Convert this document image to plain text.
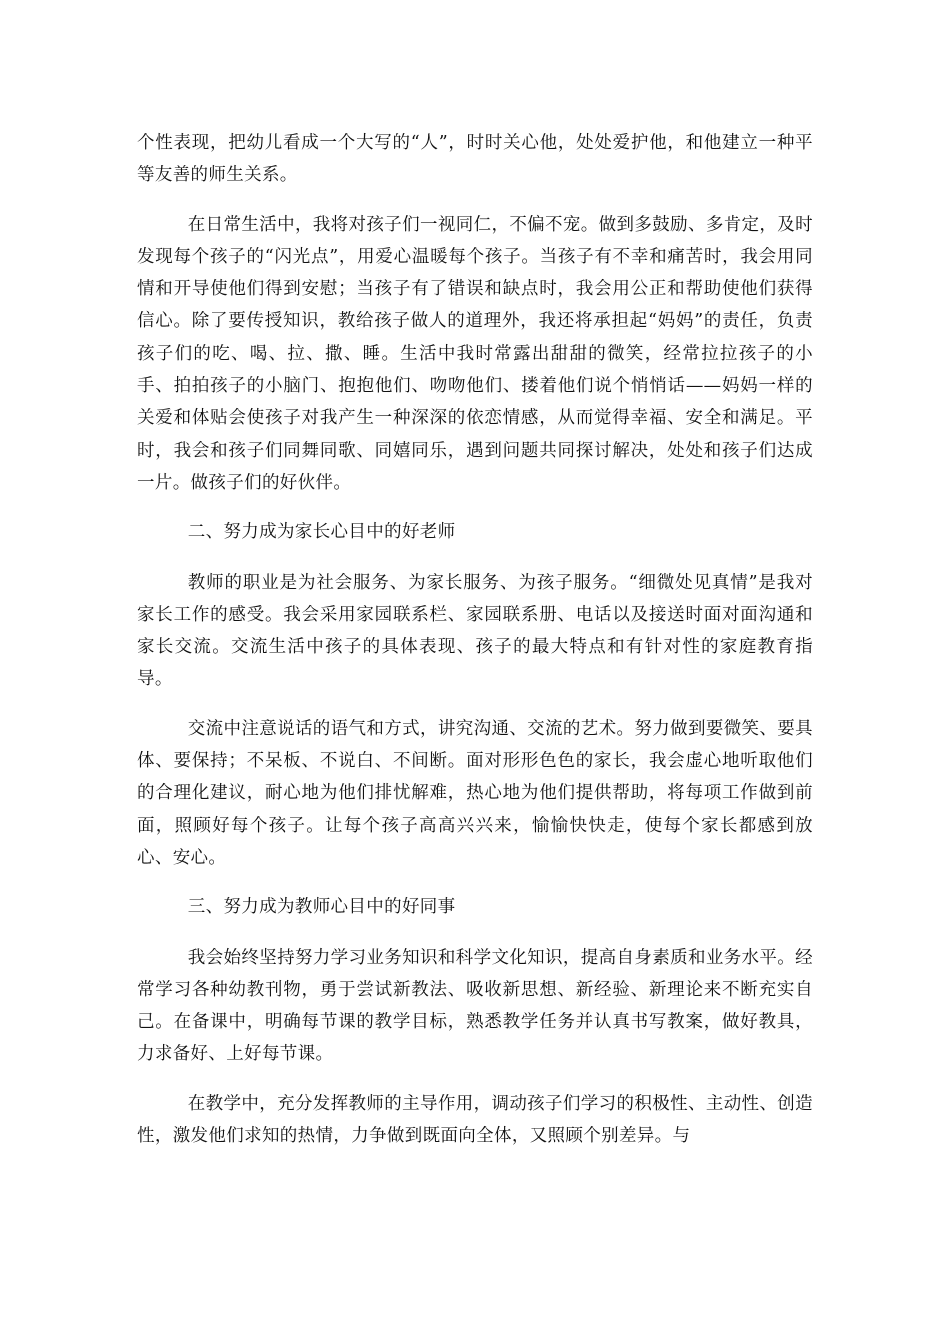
个性表现，把幼儿看成一个大写的“人”，时时关心他，处处爱护他，和他建立一种平等友善的师生关系。

在日常生活中，我将对孩子们一视同仁，不偏不宠。做到多鼓励、多肯定，及时发现每个孩子的“闪光点”，用爱心温暖每个孩子。当孩子有不幸和痛苦时，我会用同情和开导使他们得到安慰；当孩子有了错误和缺点时，我会用公正和帮助使他们获得信心。除了要传授知识，教给孩子做人的道理外，我还将承担起“妈妈”的责任，负责孩子们的吃、喝、拉、撒、睡。生活中我时常露出甜甜的微笑，经常拉拉孩子的小手、拍拍孩子的小脑门、抱抱他们、吻吻他们、搂着他们说个悄悄话——妈妈一样的关爱和体贴会使孩子对我产生一种深深的依恋情感，从而觉得幸福、安全和满足。平时，我会和孩子们同舞同歌、同嬉同乐，遇到问题共同探讨解决，处处和孩子们达成一片。做孩子们的好伙伴。

二、努力成为家长心目中的好老师

教师的职业是为社会服务、为家长服务、为孩子服务。“细微处见真情”是我对家长工作的感受。我会采用家园联系栏、家园联系册、电话以及接送时面对面沟通和家长交流。交流生活中孩子的具体表现、孩子的最大特点和有针对性的家庭教育指导。

交流中注意说话的语气和方式，讲究沟通、交流的艺术。努力做到要微笑、要具体、要保持；不呆板、不说白、不间断。面对形形色色的家长，我会虚心地听取他们的合理化建议，耐心地为他们排忧解难，热心地为他们提供帮助，将每项工作做到前面，照顾好每个孩子。让每个孩子高高兴兴来，愉愉快快走，使每个家长都感到放心、安心。

三、努力成为教师心目中的好同事

我会始终坚持努力学习业务知识和科学文化知识，提高自身素质和业务水平。经常学习各种幼教刊物，勇于尝试新教法、吸收新思想、新经验、新理论来不断充实自己。在备课中，明确每节课的教学目标，熟悉教学任务并认真书写教案，做好教具，力求备好、上好每节课。

在教学中，充分发挥教师的主导作用，调动孩子们学习的积极性、主动性、创造性，激发他们求知的热情，力争做到既面向全体，又照顾个别差异。与
